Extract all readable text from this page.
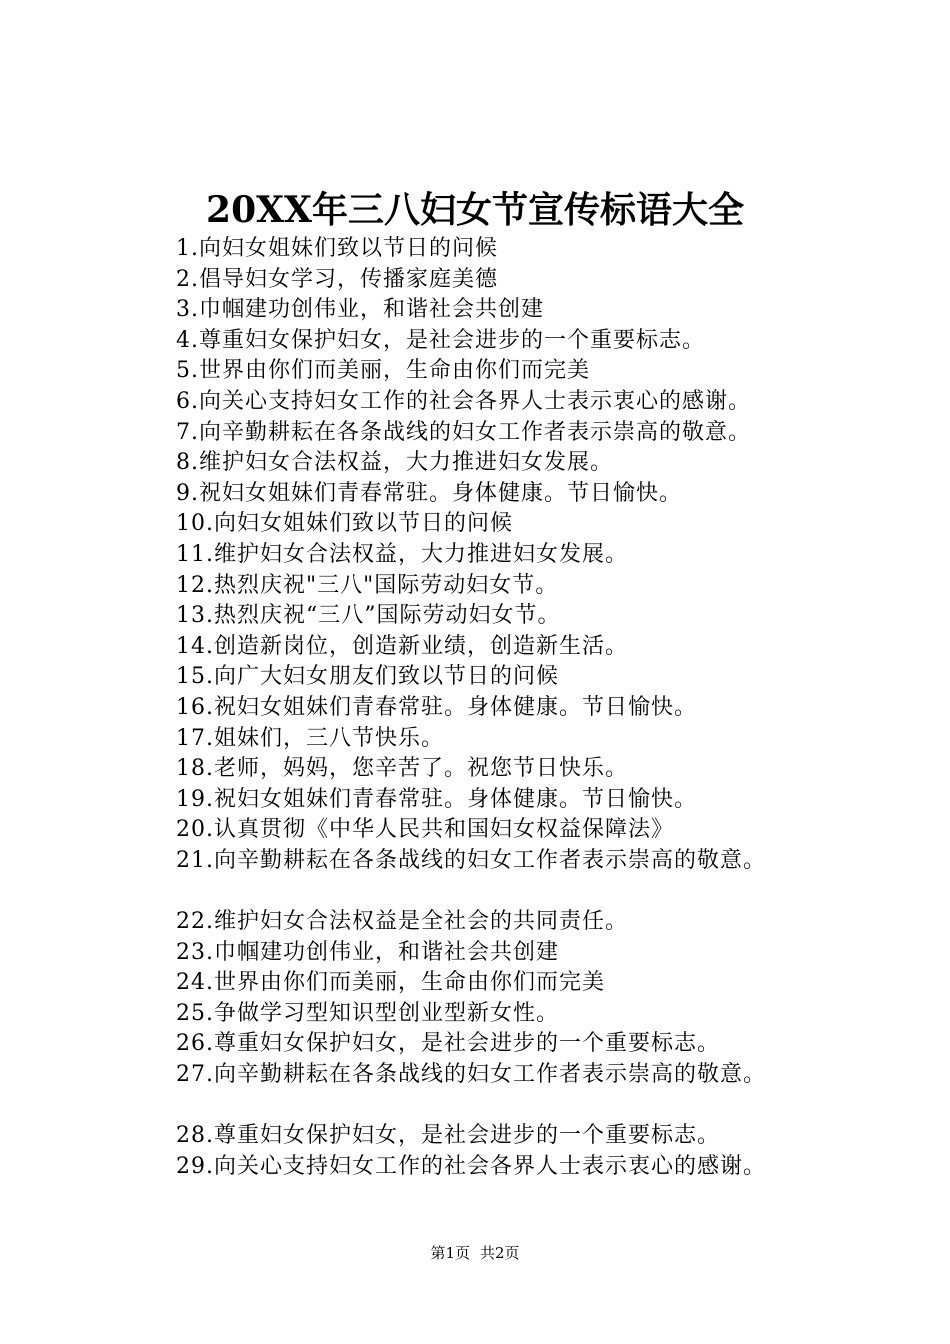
20XX年三八妇女节宣传标语大全
1.向妇女姐妹们致以节日的问候
2.倡导妇女学习，传播家庭美德
3.巾帼建功创伟业，和谐社会共创建
4.尊重妇女保护妇女，是社会进步的一个重要标志。
5.世界由你们而美丽，生命由你们而完美
6.向关心支持妇女工作的社会各界人士表示衷心的感谢。
7.向辛勤耕耘在各条战线的妇女工作者表示崇高的敬意。
8.维护妇女合法权益，大力推进妇女发展。
9.祝妇女姐妹们青春常驻。身体健康。节日愉快。
10.向妇女姐妹们致以节日的问候
11.维护妇女合法权益，大力推进妇女发展。
12.热烈庆祝"三八"国际劳动妇女节。
13.热烈庆祝“三八”国际劳动妇女节。
14.创造新岗位，创造新业绩，创造新生活。
15.向广大妇女朋友们致以节日的问候
16.祝妇女姐妹们青春常驻。身体健康。节日愉快。
17.姐妹们，三八节快乐。
18.老师，妈妈，您辛苦了。祝您节日快乐。
19.祝妇女姐妹们青春常驻。身体健康。节日愉快。
20.认真贯彻《中华人民共和国妇女权益保障法》
21.向辛勤耕耘在各条战线的妇女工作者表示崇高的敬意。
22.维护妇女合法权益是全社会的共同责任。
23.巾帼建功创伟业，和谐社会共创建
24.世界由你们而美丽，生命由你们而完美
25.争做学习型知识型创业型新女性。
26.尊重妇女保护妇女，是社会进步的一个重要标志。
27.向辛勤耕耘在各条战线的妇女工作者表示崇高的敬意。
28.尊重妇女保护妇女，是社会进步的一个重要标志。
29.向关心支持妇女工作的社会各界人士表示衷心的感谢。
第1页 共2页
